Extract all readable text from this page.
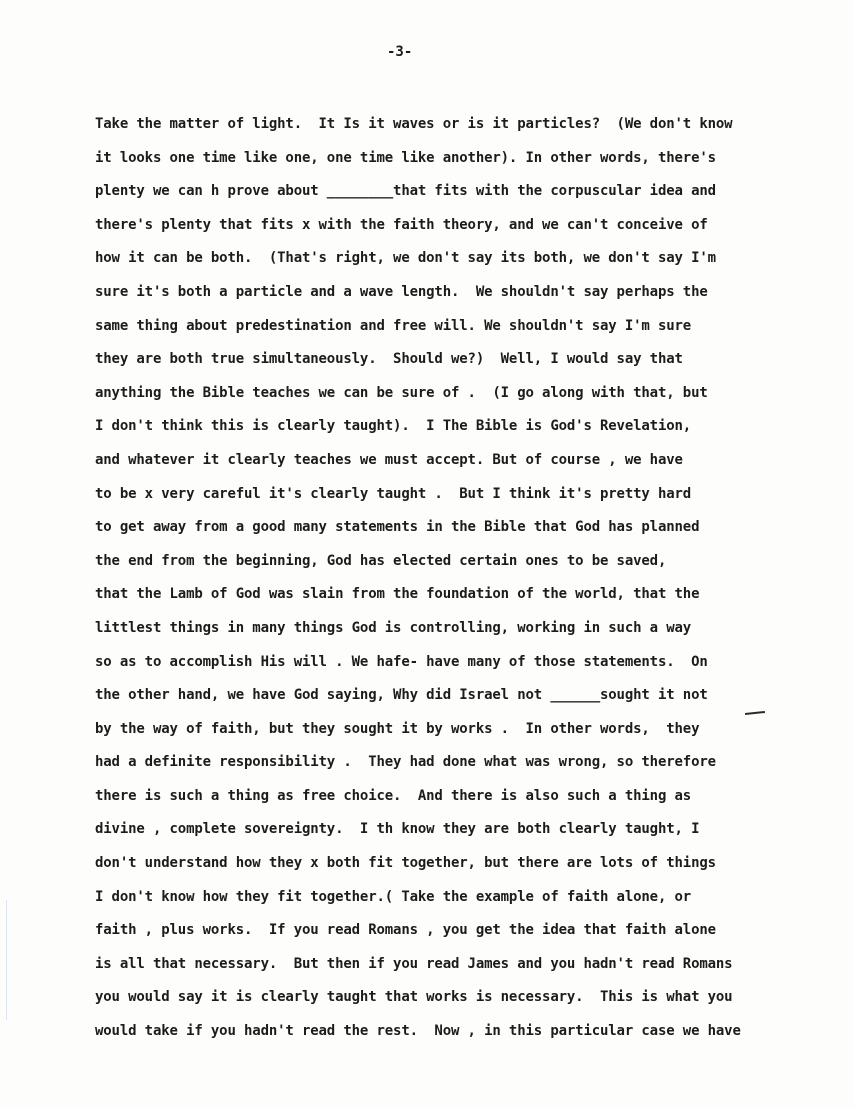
-3-
Take the matter of light.  It Is it waves or is it particles?  (We don't know
it looks one time like one, one time like another). In other words, there's
plenty we can h prove about ________that fits with the corpuscular idea and
there's plenty that fits x with the faith theory, and we can't conceive of
how it can be both.  (That's right, we don't say its both, we don't say I'm
sure it's both a particle and a wave length.  We shouldn't say perhaps the
same thing about predestination and free will. We shouldn't say I'm sure
they are both true simultaneously.  Should we?)  Well, I would say that
anything the Bible teaches we can be sure of .  (I go along with that, but
I don't think this is clearly taught).  I The Bible is God's Revelation,
and whatever it clearly teaches we must accept. But of course , we have
to be x very careful it's clearly taught .  But I think it's pretty hard
to get away from a good many statements in the Bible that God has planned
the end from the beginning, God has elected certain ones to be saved,
that the Lamb of God was slain from the foundation of the world, that the
littlest things in many things God is controlling, working in such a way
so as to accomplish His will . We hafe- have many of those statements.  On
the other hand, we have God saying, Why did Israel not ______sought it not
by the way of faith, but they sought it by works .  In other words,  they
had a definite responsibility .  They had done what was wrong, so therefore
there is such a thing as free choice.  And there is also such a thing as
divine , complete sovereignty.  I th know they are both clearly taught, I
don't understand how they x both fit together, but there are lots of things
I don't know how they fit together.( Take the example of faith alone, or
faith , plus works.  If you read Romans , you get the idea that faith alone
is all that necessary.  But then if you read James and you hadn't read Romans
you would say it is clearly taught that works is necessary.  This is what you
would take if you hadn't read the rest.  Now , in this particular case we have
